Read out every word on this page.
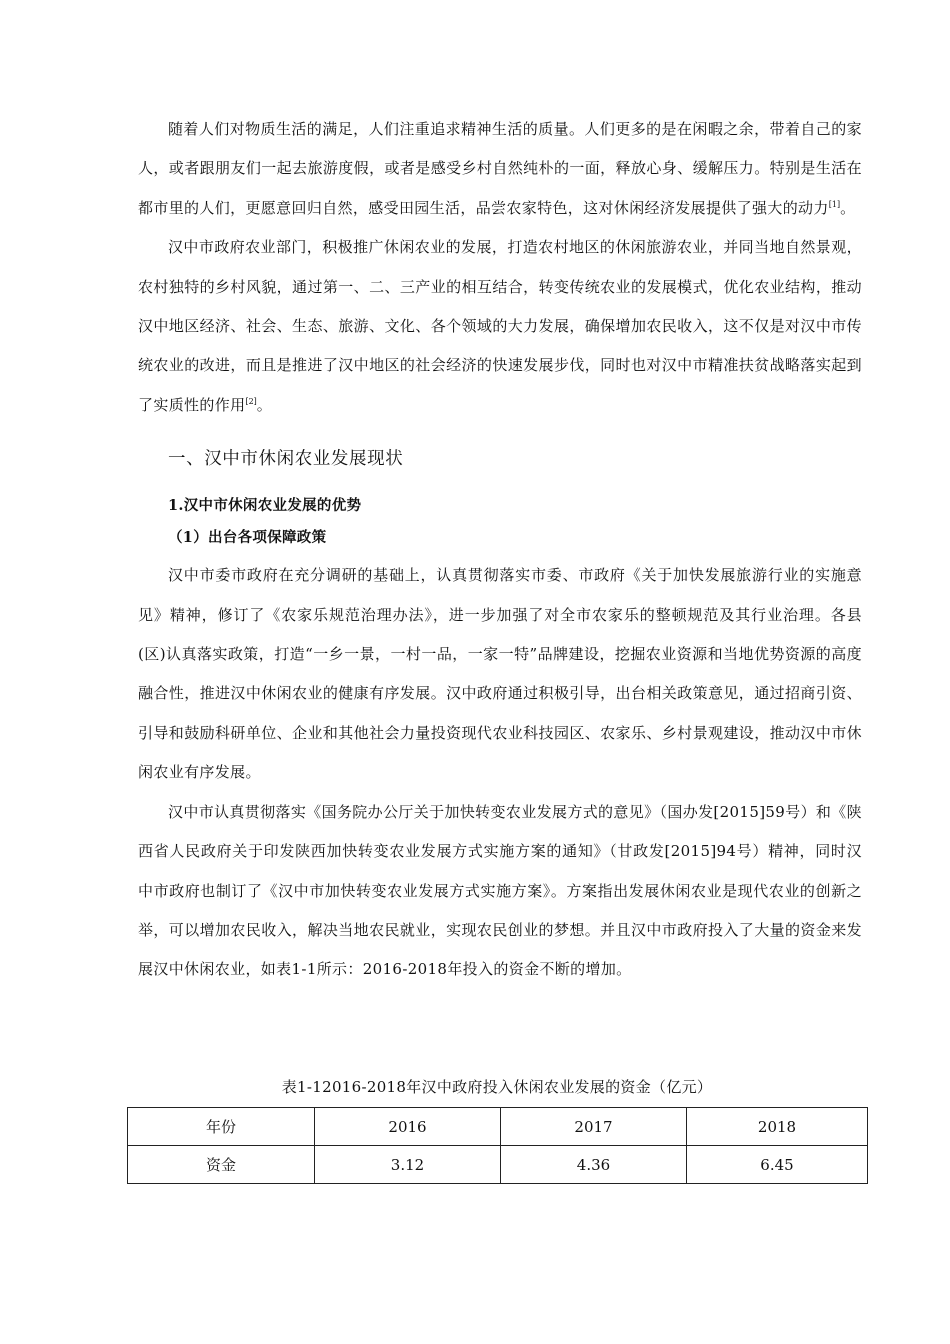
随着人们对物质生活的满足，人们注重追求精神生活的质量。人们更多的是在闲暇之余，带着自己的家人，或者跟朋友们一起去旅游度假，或者是感受乡村自然纯朴的一面，释放心身、缓解压力。特别是生活在都市里的人们，更愿意回归自然，感受田园生活，品尝农家特色，这对休闲经济发展提供了强大的动力[1]。

汉中市政府农业部门，积极推广休闲农业的发展，打造农村地区的休闲旅游农业，并同当地自然景观，农村独特的乡村风貌，通过第一、二、三产业的相互结合，转变传统农业的发展模式，优化农业结构，推动汉中地区经济、社会、生态、旅游、文化、各个领域的大力发展，确保增加农民收入，这不仅是对汉中市传统农业的改进，而且是推进了汉中地区的社会经济的快速发展步伐，同时也对汉中市精准扶贫战略落实起到了实质性的作用[2]。

一、汉中市休闲农业发展现状
1.汉中市休闲农业发展的优势
（1）出台各项保障政策

汉中市委市政府在充分调研的基础上，认真贯彻落实市委、市政府《关于加快发展旅游行业的实施意见》精神，修订了《农家乐规范治理办法》，进一步加强了对全市农家乐的整顿规范及其行业治理。各县(区)认真落实政策，打造“一乡一景，一村一品，一家一特”品牌建设，挖掘农业资源和当地优势资源的高度融合性，推进汉中休闲农业的健康有序发展。汉中政府通过积极引导，出台相关政策意见，通过招商引资、引导和鼓励科研单位、企业和其他社会力量投资现代农业科技园区、农家乐、乡村景观建设，推动汉中市休闲农业有序发展。

汉中市认真贯彻落实《国务院办公厅关于加快转变农业发展方式的意见》（国办发[2015]59号）和《陕西省人民政府关于印发陕西加快转变农业发展方式实施方案的通知》（甘政发[2015]94号）精神，同时汉中市政府也制订了《汉中市加快转变农业发展方式实施方案》。方案指出发展休闲农业是现代农业的创新之举，可以增加农民收入，解决当地农民就业，实现农民创业的梦想。并且汉中市政府投入了大量的资金来发展汉中休闲农业，如表1-1所示：2016-2018年投入的资金不断的增加。

表1-12016-2018年汉中政府投入休闲农业发展的资金（亿元）
年份	2016	2017	2018
资金	3.12	4.36	6.45
